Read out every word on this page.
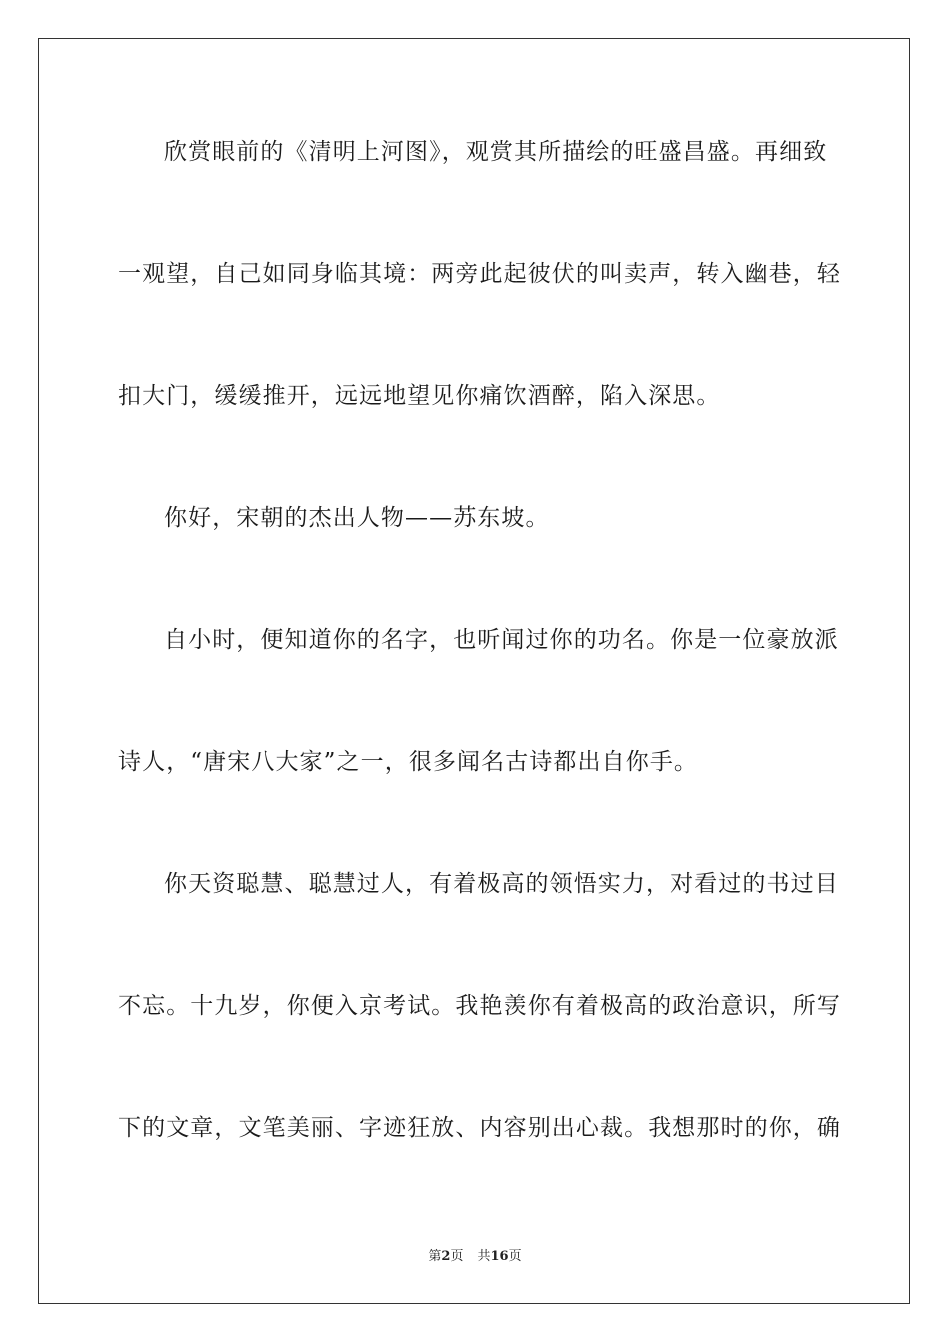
欣赏眼前的《清明上河图》，观赏其所描绘的旺盛昌盛。再细致
一观望，自己如同身临其境：两旁此起彼伏的叫卖声，转入幽巷，轻
扣大门，缓缓推开，远远地望见你痛饮酒醉，陷入深思。
你好，宋朝的杰出人物——苏东坡。
自小时，便知道你的名字，也听闻过你的功名。你是一位豪放派
诗人，“唐宋八大家”之一，很多闻名古诗都出自你手。
你天资聪慧、聪慧过人，有着极高的领悟实力，对看过的书过目
不忘。十九岁，你便入京考试。我艳羡你有着极高的政治意识，所写
下的文章，文笔美丽、字迹狂放、内容别出心裁。我想那时的你，确
第2页 共16页
